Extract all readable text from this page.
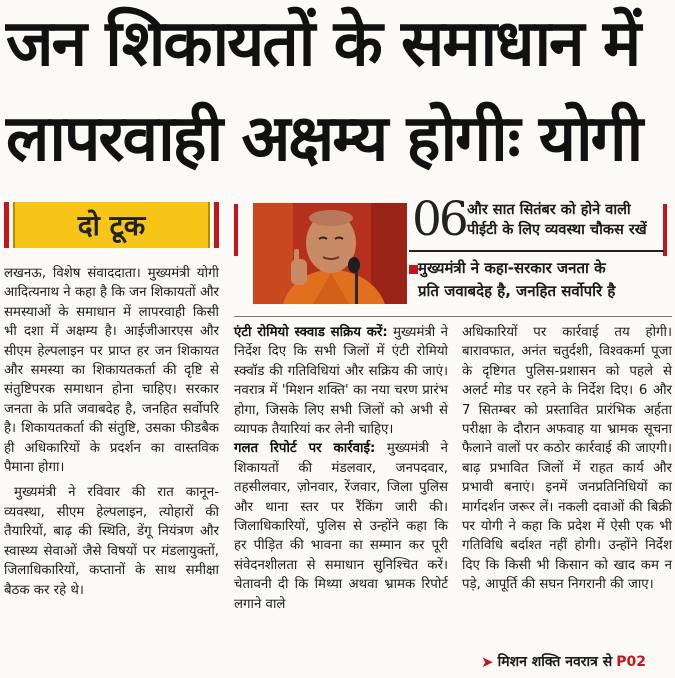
जन शिकायतों के समाधान में
लापरवाही अक्षम्य होगीः योगी
दो टूक	06 और सात सितंबर को होने वाली
पीईटी के लिए व्यवस्था चौकस रखें
मुख्यमंत्री ने कहा-सरकार जनता के
प्रति जवाबदेह है, जनहित सर्वोपरि है

लखनऊ, विशेष संवाददाता। मुख्यमंत्री योगी आदित्यनाथ ने कहा है कि जन शिकायतों और समस्याओं के समाधान में लापरवाही किसी भी दशा में अक्षम्य है। आईजीआरएस और सीएम हेल्पलाइन पर प्राप्त हर जन शिकायत और समस्या का शिकायतकर्ता की दृष्टि से संतुष्टिपरक समाधान होना चाहिए। सरकार जनता के प्रति जवाबदेह है, जनहित सर्वोपरि है। शिकायतकर्ता की संतुष्टि, उसका फीडबैक ही अधिकारियों के प्रदर्शन का वास्तविक पैमाना होगा।

मुख्यमंत्री ने रविवार की रात कानून-व्यवस्था, सीएम हेल्पलाइन, त्योहारों की तैयारियों, बाढ़ की स्थिति, डेंगू नियंत्रण और स्वास्थ्य सेवाओं जैसे विषयों पर मंडलायुक्तों, जिलाधिकारियों, कप्तानों के साथ समीक्षा बैठक कर रहे थे।

एंटी रोमियो स्क्वाड सक्रिय करें: मुख्यमंत्री ने निर्देश दिए कि सभी जिलों में एंटी रोमियो स्क्वॉड की गतिविधियां और सक्रिय की जाएं। नवरात्र में 'मिशन शक्ति' का नया चरण प्रारंभ होगा, जिसके लिए सभी जिलों को अभी से व्यापक तैयारियां कर लेनी चाहिए।

गलत रिपोर्ट पर कार्रवाई: मुख्यमंत्री ने शिकायतों की मंडलवार, जनपदवार, तहसीलवार, ज़ोनवार, रेंजवार, जिला पुलिस और थाना स्तर पर रैंकिंग जारी की। जिलाधिकारियों, पुलिस से उन्होंने कहा कि हर पीड़ित की भावना का सम्मान कर पूरी संवेदनशीलता से समाधान सुनिश्चित करें। चेतावनी दी कि मिथ्या अथवा भ्रामक रिपोर्ट लगाने वाले

अधिकारियों पर कार्रवाई तय होगी। बारावफात, अनंत चतुर्दशी, विश्वकर्मा पूजा के दृष्टिगत पुलिस-प्रशासन को पहले से अलर्ट मोड पर रहने के निर्देश दिए। 6 और 7 सितम्बर को प्रस्तावित प्रारंभिक अर्हता परीक्षा के दौरान अफवाह या भ्रामक सूचना फैलाने वालों पर कठोर कार्रवाई की जाएगी। बाढ़ प्रभावित जिलों में राहत कार्य और प्रभावी बनाएं। इनमें जनप्रतिनिधियों का मार्गदर्शन जरूर लें। नकली दवाओं की बिक्री पर योगी ने कहा कि प्रदेश में ऐसी एक भी गतिविधि बर्दाश्त नहीं होगी। उन्होंने निर्देश दिए कि किसी भी किसान को खाद कम न पड़े, आपूर्ति की सघन निगरानी की जाए।

➤ मिशन शक्ति नवरात्र से P02
